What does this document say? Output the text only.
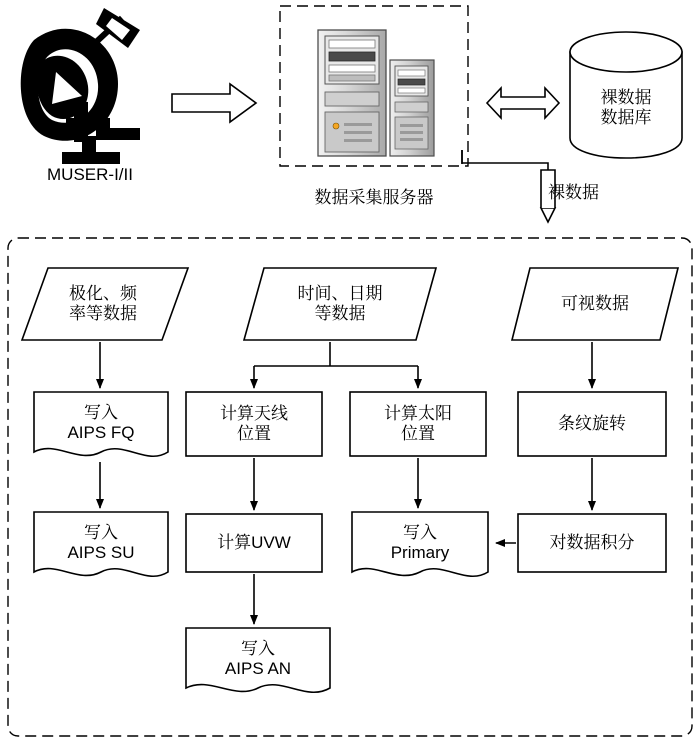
MUSER-I/II
数据采集服务器
裸数据
数据库
裸数据
极化、频
率等数据
时间、日期
等数据
可视数据
写入
AIPS FQ
写入
AIPS SU
写入
AIPS AN
写入
Primary
计算天线
位置
计算太阳
位置
条纹旋转
计算UVW	对数据积分
